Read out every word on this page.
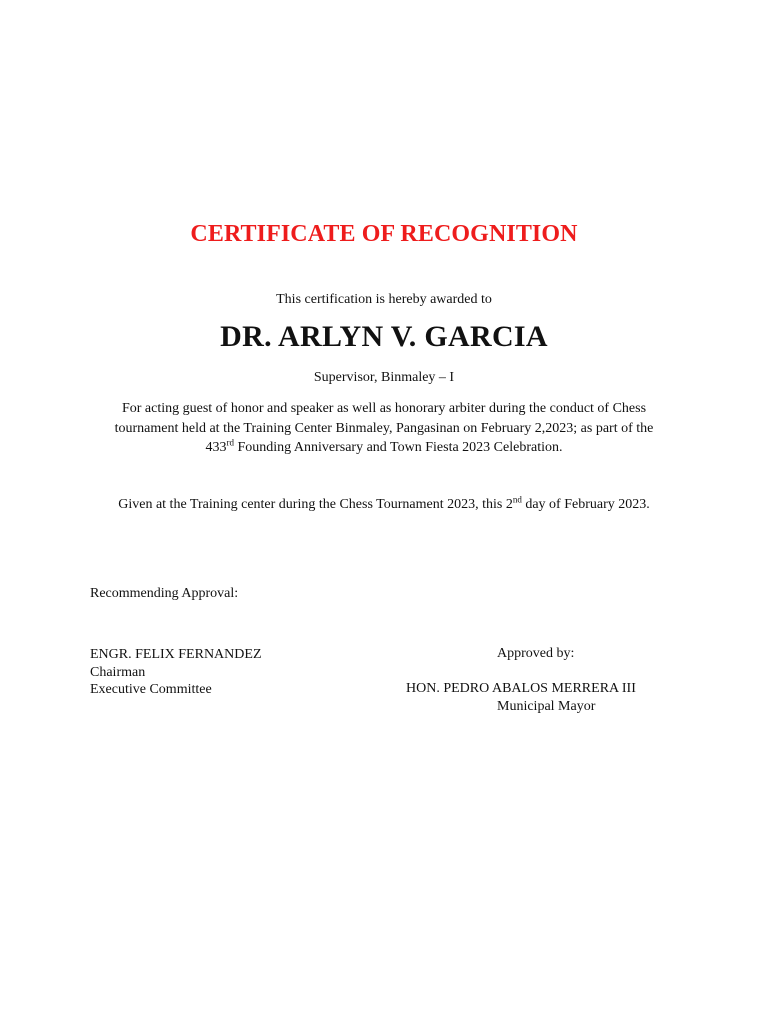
CERTIFICATE OF RECOGNITION
This certification is hereby awarded to
DR. ARLYN V. GARCIA
Supervisor, Binmaley – I
For acting guest of honor and speaker as well as honorary arbiter during the conduct of Chess
tournament held at the Training Center Binmaley, Pangasinan on February 2,2023; as part of the
433rd Founding Anniversary and Town Fiesta 2023 Celebration.
Given at the Training center during the Chess Tournament 2023, this 2nd day of February 2023.
Recommending Approval:
ENGR. FELIX FERNANDEZ
Chairman
Executive Committee
Approved by:
HON. PEDRO ABALOS MERRERA III
Municipal Mayor
